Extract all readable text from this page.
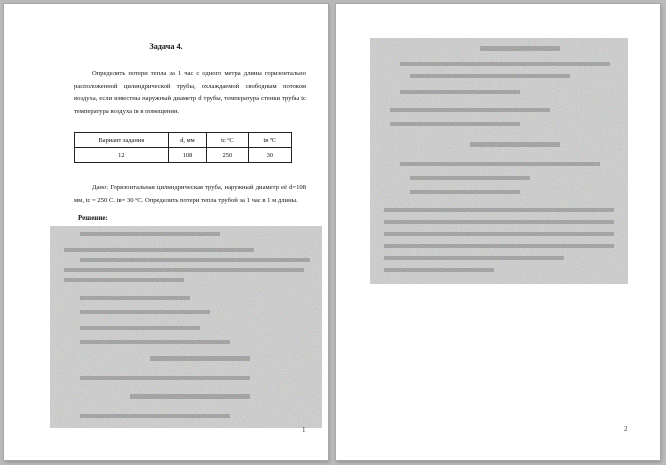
Задача 4.

Определить потери тепла за 1 час с одного метра длины горизонтально расположенной цилиндрической трубы, охлаждаемой свободным потоком воздуха, если известны наружный диаметр d трубы, температура стенки трубы tс температура воздуха tв в помещении.

Вариант задания	d, мм	tс ºС	tв ºС
12	108	250	30

Дано: Горизонтальная цилиндрическая труба, наружный диаметр её d=108 мм, tс = 250 С. tв= 30 ºС. Определить потери тепла трубой за 1 час в 1 м длины.

Решение:
1	2
